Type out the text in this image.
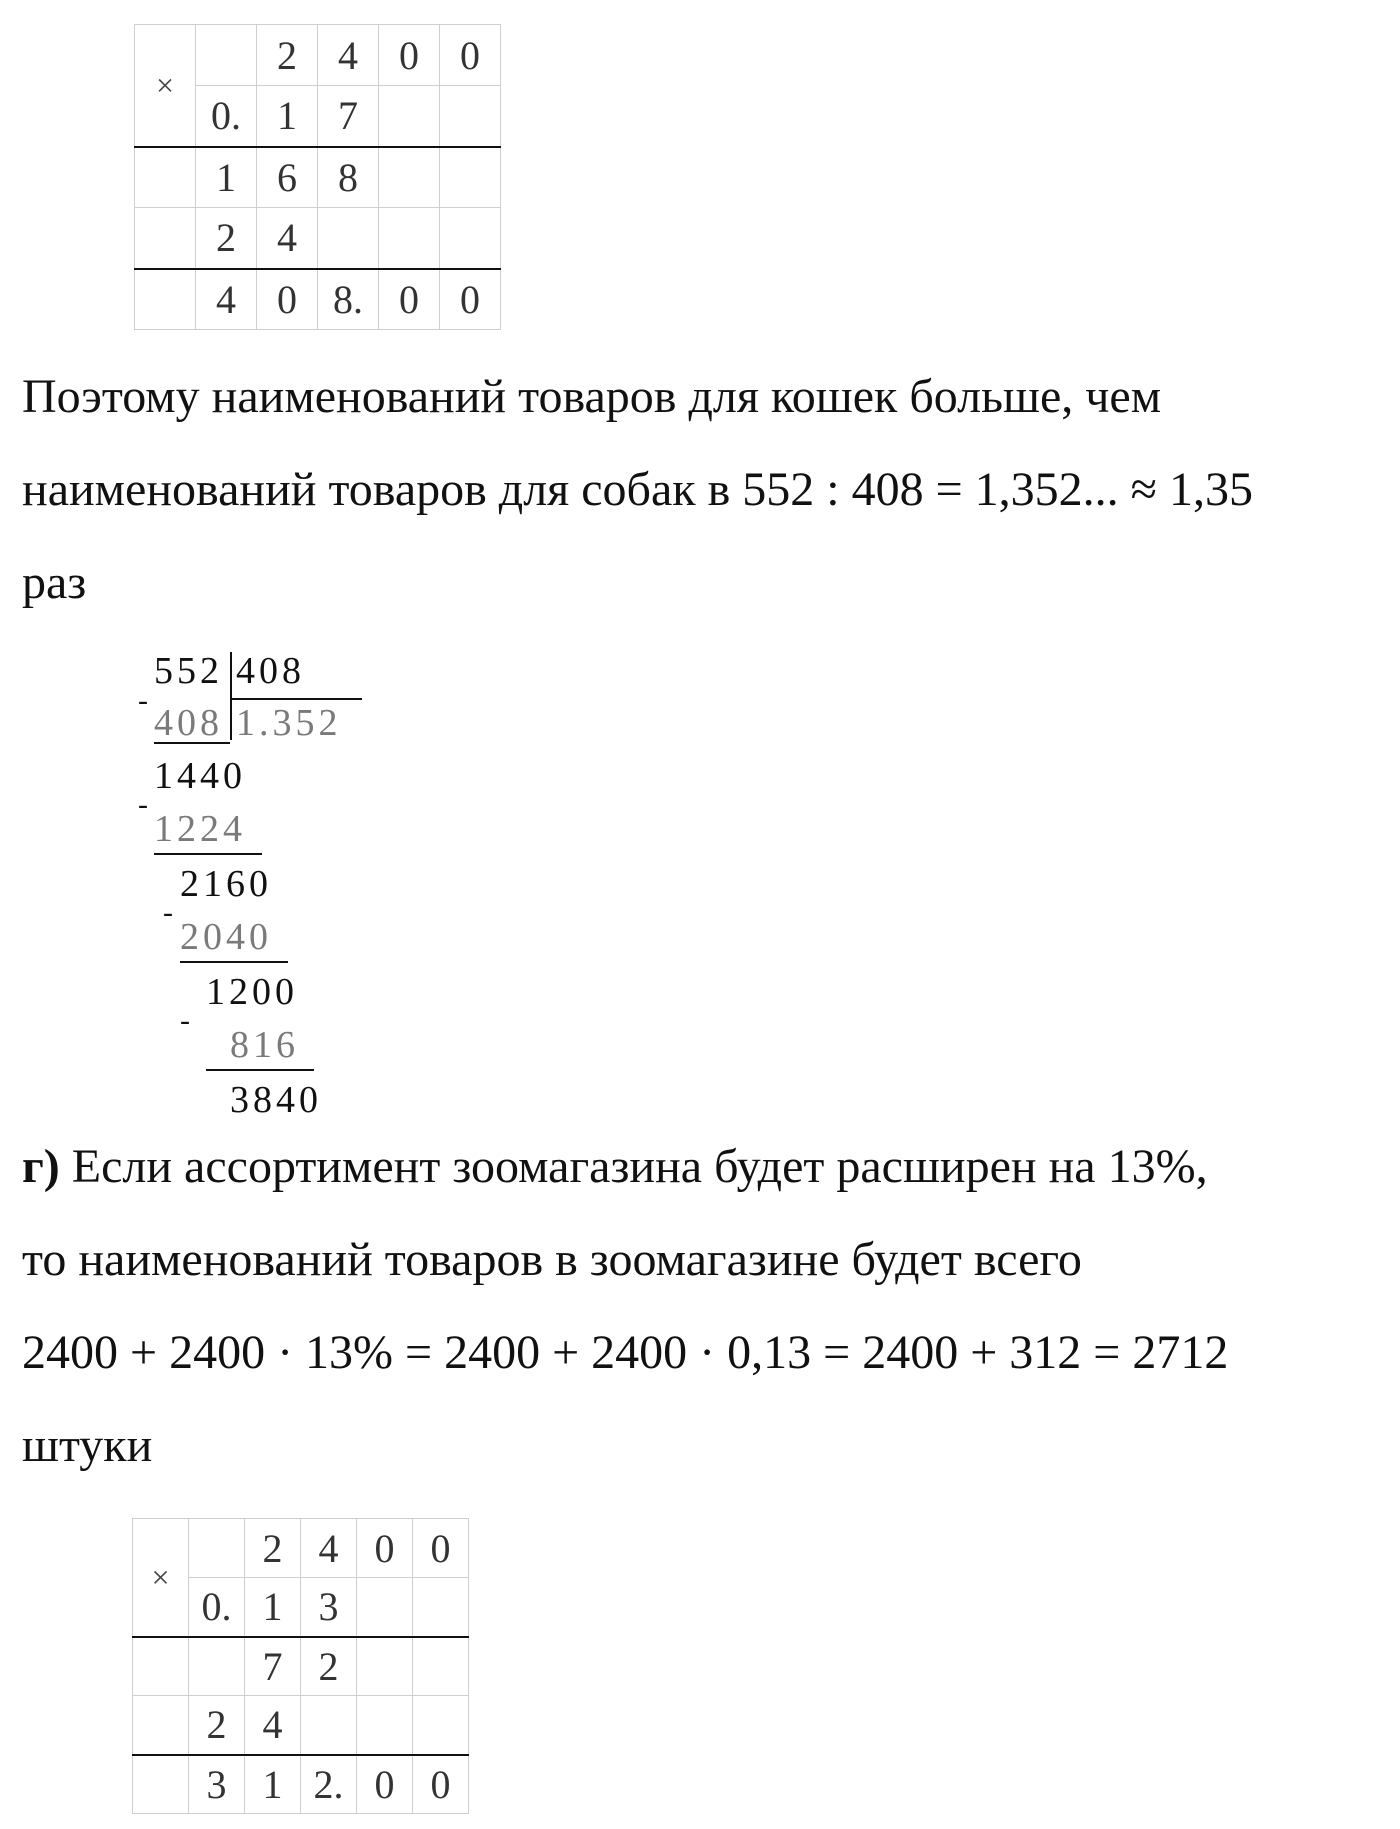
×		2	4	0	0
	0.	1	7		
	1	6	8		
	2	4			
	4	0	8.	0	0

Поэтому наименований товаров для кошек больше, чем

наименований товаров для собак в 552 : 408 = 1,352... ≈ 1,35

раз

552 408
-
408 1.352
1440
-
1224
2160
-
2040
1200
-
816
3840

г) Если ассортимент зоомагазина будет расширен на 13%,

то наименований товаров в зоомагазине будет всего

2400 + 2400 · 13% = 2400 + 2400 · 0,13 = 2400 + 312 = 2712

штуки

×		2	4	0	0
	0.	1	3		
		7	2		
	2	4			
	3	1	2.	0	0
